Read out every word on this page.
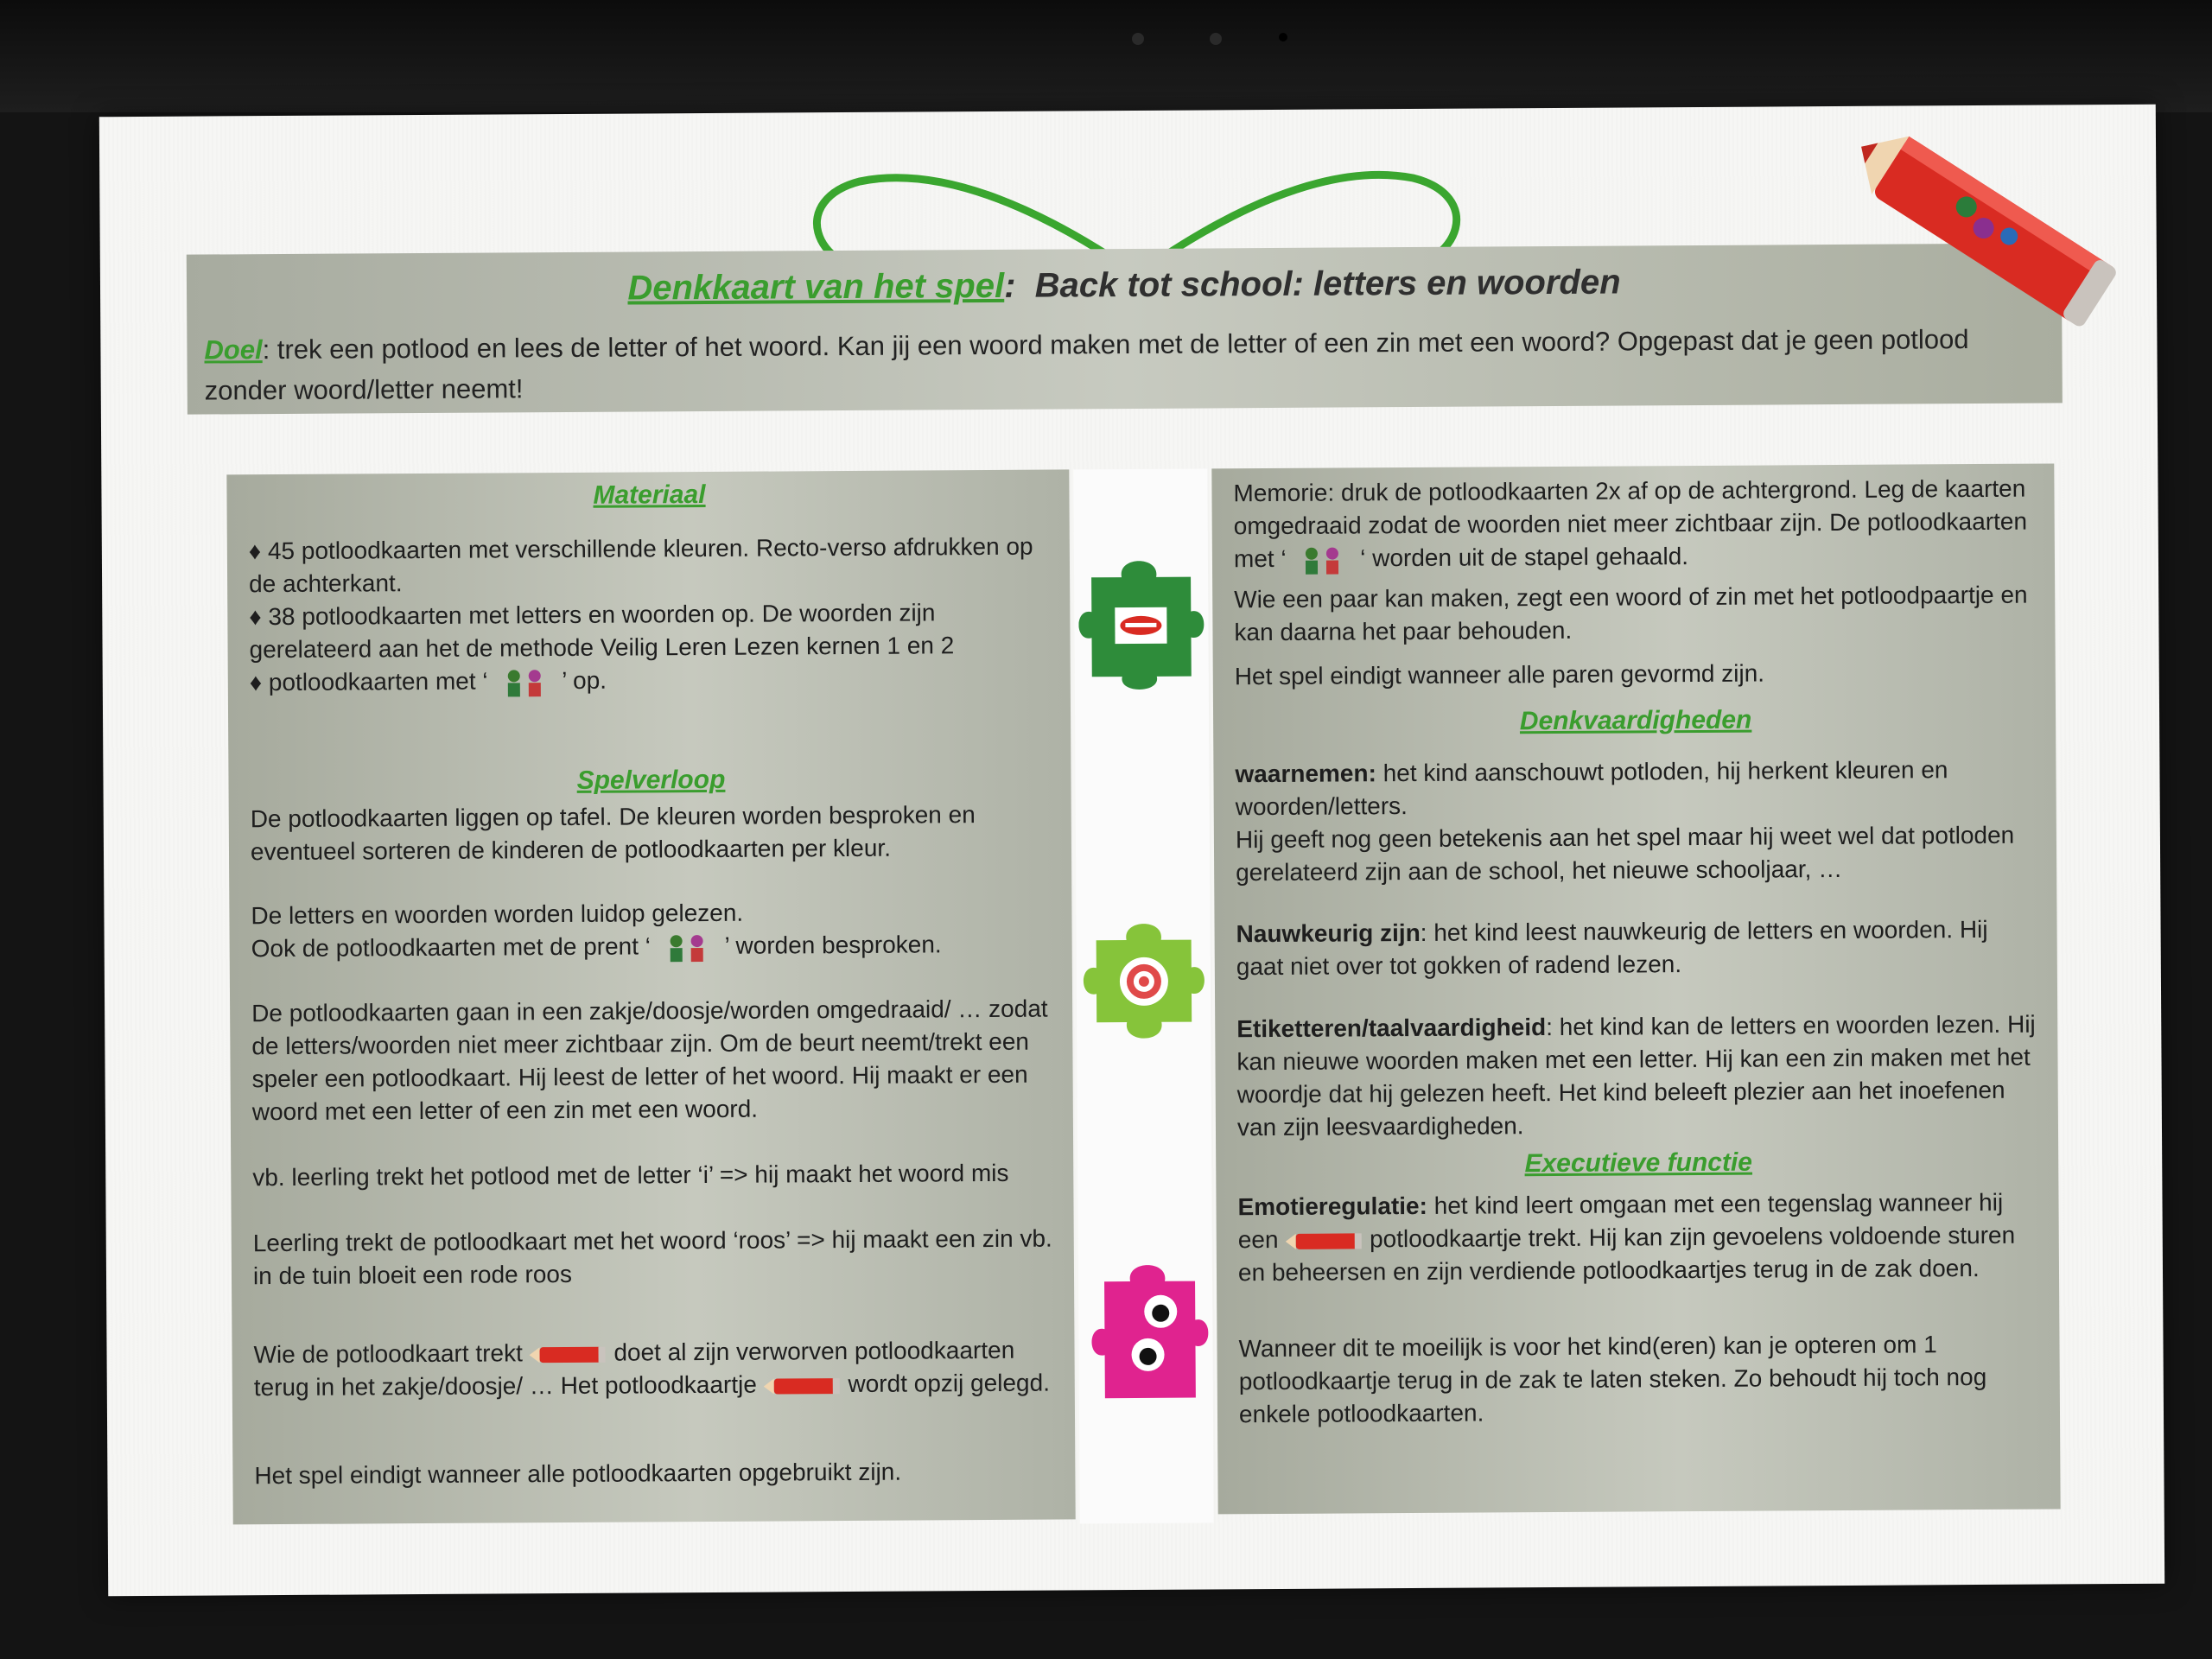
Denkkaart van het spel: Back tot school: letters en woorden
Doel: trek een potlood en lees de letter of het woord. Kan jij een woord maken met de letter of een zin met een woord? Opgepast dat je geen potlood zonder woord/letter neemt!
Materiaal

♦ 45 potloodkaarten met verschillende kleuren. Recto-verso afdrukken op de achterkant.

♦ 38 potloodkaarten met letters en woorden op. De woorden zijn gerelateerd aan het de methode Veilig Leren Lezen kernen 1 en 2

♦ potloodkaarten met ‘	’ op.

Spelverloop

De potloodkaarten liggen op tafel. De kleuren worden besproken en eventueel sorteren de kinderen de potloodkaarten per kleur.

De letters en woorden worden luidop gelezen.

Ook de potloodkaarten met de prent ‘	’ worden besproken.

De potloodkaarten gaan in een zakje/doosje/worden omgedraaid/ … zodat de letters/woorden niet meer zichtbaar zijn. Om de beurt neemt/trekt een speler een potloodkaart. Hij leest de letter of het woord. Hij maakt er een woord met een letter of een zin met een woord.

vb. leerling trekt het potlood met de letter ‘i’ => hij maakt het woord mis

Leerling trekt de potloodkaart met het woord ‘roos’ => hij maakt een zin vb. in de tuin bloeit een rode roos

Wie de potloodkaart trekt	doet al zijn verworven potloodkaarten terug in het zakje/doosje/ … Het potloodkaartje	wordt opzij gelegd.

Het spel eindigt wanneer alle potloodkaarten opgebruikt zijn.

Memorie: druk de potloodkaarten 2x af op de achtergrond. Leg de kaarten omgedraaid zodat de woorden niet meer zichtbaar zijn. De potloodkaarten met ‘	‘ worden uit de stapel gehaald.

Wie een paar kan maken, zegt een woord of zin met het potloodpaartje en kan daarna het paar behouden.

Het spel eindigt wanneer alle paren gevormd zijn.

Denkvaardigheden

waarnemen: het kind aanschouwt potloden, hij herkent kleuren en woorden/letters.

Hij geeft nog geen betekenis aan het spel maar hij weet wel dat potloden gerelateerd zijn aan de school, het nieuwe schooljaar, …

Nauwkeurig zijn: het kind leest nauwkeurig de letters en woorden. Hij gaat niet over tot gokken of radend lezen.

Etiketteren/taalvaardigheid: het kind kan de letters en woorden lezen. Hij kan nieuwe woorden maken met een letter. Hij kan een zin maken met het woordje dat hij gelezen heeft. Het kind beleeft plezier aan het inoefenen van zijn leesvaardigheden.

Executieve functie

Emotieregulatie: het kind leert omgaan met een tegenslag wanneer hij een	potloodkaartje trekt. Hij kan zijn gevoelens voldoende sturen en beheersen en zijn verdiende potloodkaartjes terug in de zak doen.

Wanneer dit te moeilijk is voor het kind(eren) kan je opteren om 1 potloodkaartje terug in de zak te laten steken. Zo behoudt hij toch nog enkele potloodkaarten.
